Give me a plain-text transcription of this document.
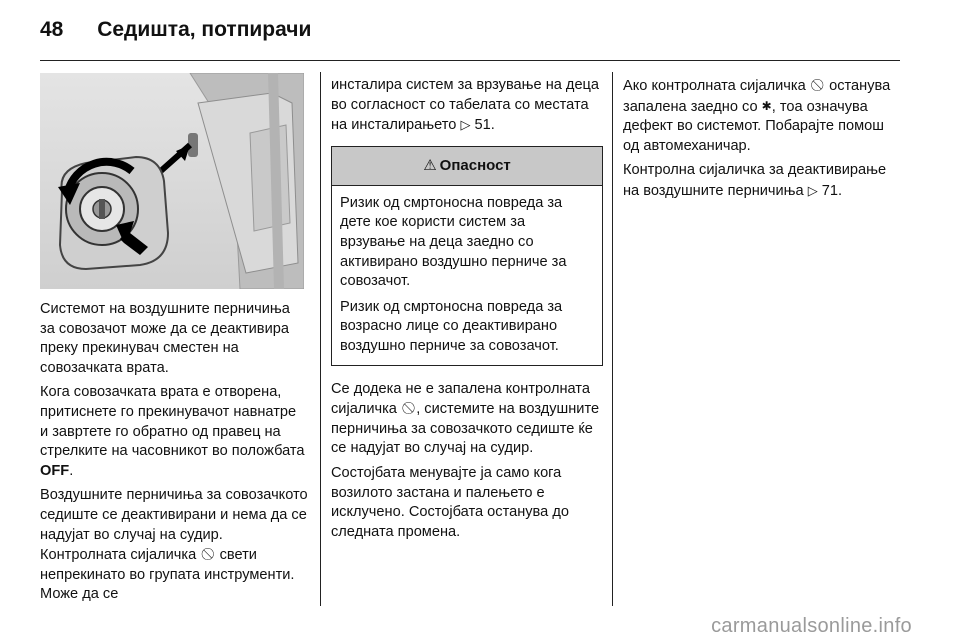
48 Седишта, потпирачи

Системот на воздушните перничиња за совозачот може да се деактивира преку прекинувач сместен на совозачката врата.

Кога совозачката врата е отворена, притиснете го прекинувачот навнатре и завртете го обратно од правец на стрелките на часовникот во положбата OFF.

Воздушните перничиња за совозачкото седиште се деактивирани и нема да се надујат во случај на судир. Контролната сијаличка 🚫︎ свети непрекинато во групата инструменти. Може да се

инсталира систем за врзување на деца во согласност со табелата со местата на инсталирањето ▷ 51.

⚠ Опасност

Ризик од смртоносна повреда за дете кое користи систем за врзување на деца заедно со активирано воздушно перниче за совозачот.

Ризик од смртоносна повреда за возрасно лице со деактивирано воздушно перниче за совозачот.

Се додека не е запалена контролната сијаличка 🚫︎, системите на воздушните перничиња за совозачкото седиште ќе се надујат во случај на судир.

Состојбата менувајте ја само кога возилото застана и палењето е исклучено. Состојбата останува до следната промена.

Ако контролната сијаличка 🚫︎ останува запалена заедно со ✱, тоа означува дефект во системот. Побарајте помош од автомеханичар.

Контролна сијаличка за деактивирање на воздушните перничиња ▷ 71.

carmanualsonline.info
